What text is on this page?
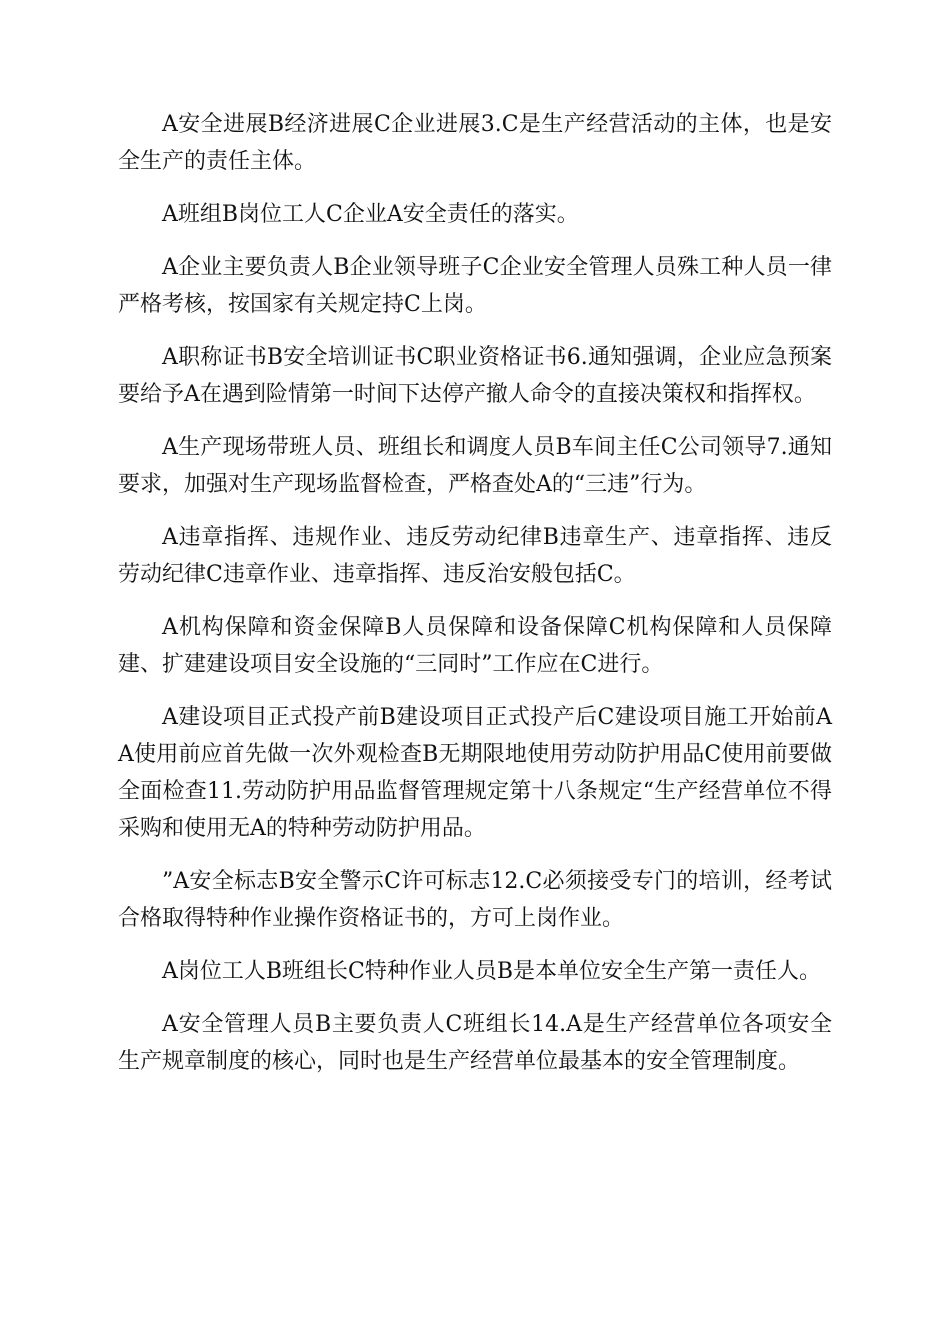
A安全进展B经济进展C企业进展3.C是生产经营活动的主体，也是安全生产的责任主体。

A班组B岗位工人C企业A安全责任的落实。

A企业主要负责人B企业领导班子C企业安全管理人员殊工种人员一律严格考核，按国家有关规定持C上岗。

A职称证书B安全培训证书C职业资格证书6.通知强调，企业应急预案要给予A在遇到险情第一时间下达停产撤人命令的直接决策权和指挥权。

A生产现场带班人员、班组长和调度人员B车间主任C公司领导7.通知要求，加强对生产现场监督检查，严格查处A的“三违”行为。

A违章指挥、违规作业、违反劳动纪律B违章生产、违章指挥、违反劳动纪律C违章作业、违章指挥、违反治安般包括C。

A机构保障和资金保障B人员保障和设备保障C机构保障和人员保障建、扩建建设项目安全设施的“三同时”工作应在C进行。

A建设项目正式投产前B建设项目正式投产后C建设项目施工开始前AA使用前应首先做一次外观检查B无期限地使用劳动防护用品C使用前要做全面检查11.劳动防护用品监督管理规定第十八条规定“生产经营单位不得采购和使用无A的特种劳动防护用品。

”A安全标志B安全警示C许可标志12.C必须接受专门的培训，经考试合格取得特种作业操作资格证书的，方可上岗作业。

A岗位工人B班组长C特种作业人员B是本单位安全生产第一责任人。

A安全管理人员B主要负责人C班组长14.A是生产经营单位各项安全生产规章制度的核心，同时也是生产经营单位最基本的安全管理制度。
